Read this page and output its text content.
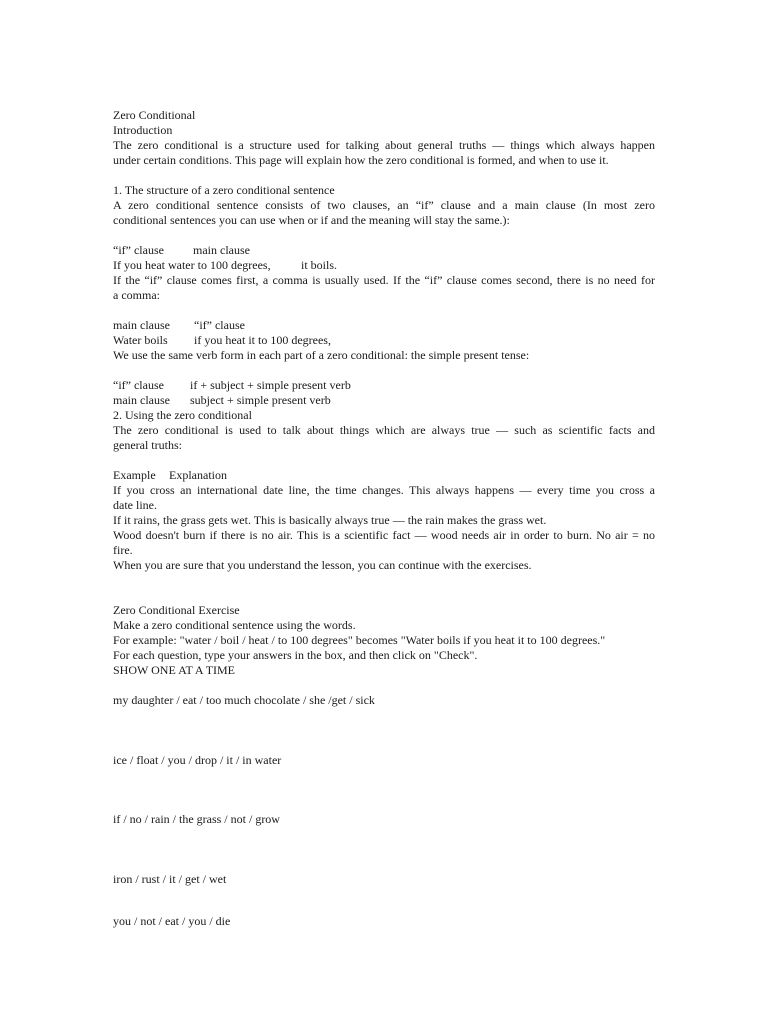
Zero Conditional
Introduction
The zero conditional is a structure used for talking about general truths — things which always happen
under certain conditions. This page will explain how the zero conditional is formed, and when to use it.
1. The structure of a zero conditional sentence
A zero conditional sentence consists of two clauses, an “if” clause and a main clause (In most zero
conditional sentences you can use when or if and the meaning will stay the same.):
“if” clause main clause
If you heat water to 100 degrees,	it boils.
If the “if” clause comes first, a comma is usually used. If the “if” clause comes second, there is no need for
a comma:
main clause “if” clause
Water boils if you heat it to 100 degrees,
We use the same verb form in each part of a zero conditional: the simple present tense:
“if” clause if + subject + simple present verb
main clause subject + simple present verb
2. Using the zero conditional
The zero conditional is used to talk about things which are always true — such as scientific facts and
general truths:
Example Explanation
If you cross an international date line, the time changes. This always happens — every time you cross a
date line.
If it rains, the grass gets wet. This is basically always true — the rain makes the grass wet.
Wood doesn't burn if there is no air. This is a scientific fact — wood needs air in order to burn. No air = no
fire.
When you are sure that you understand the lesson, you can continue with the exercises.
Zero Conditional Exercise
Make a zero conditional sentence using the words.
For example: "water / boil / heat / to 100 degrees" becomes "Water boils if you heat it to 100 degrees."
For each question, type your answers in the box, and then click on "Check".
SHOW ONE AT A TIME
my daughter / eat / too much chocolate / she /get / sick
ice / float / you / drop / it / in water
if / no / rain / the grass / not / grow
iron / rust / it / get / wet
you / not / eat / you / die
